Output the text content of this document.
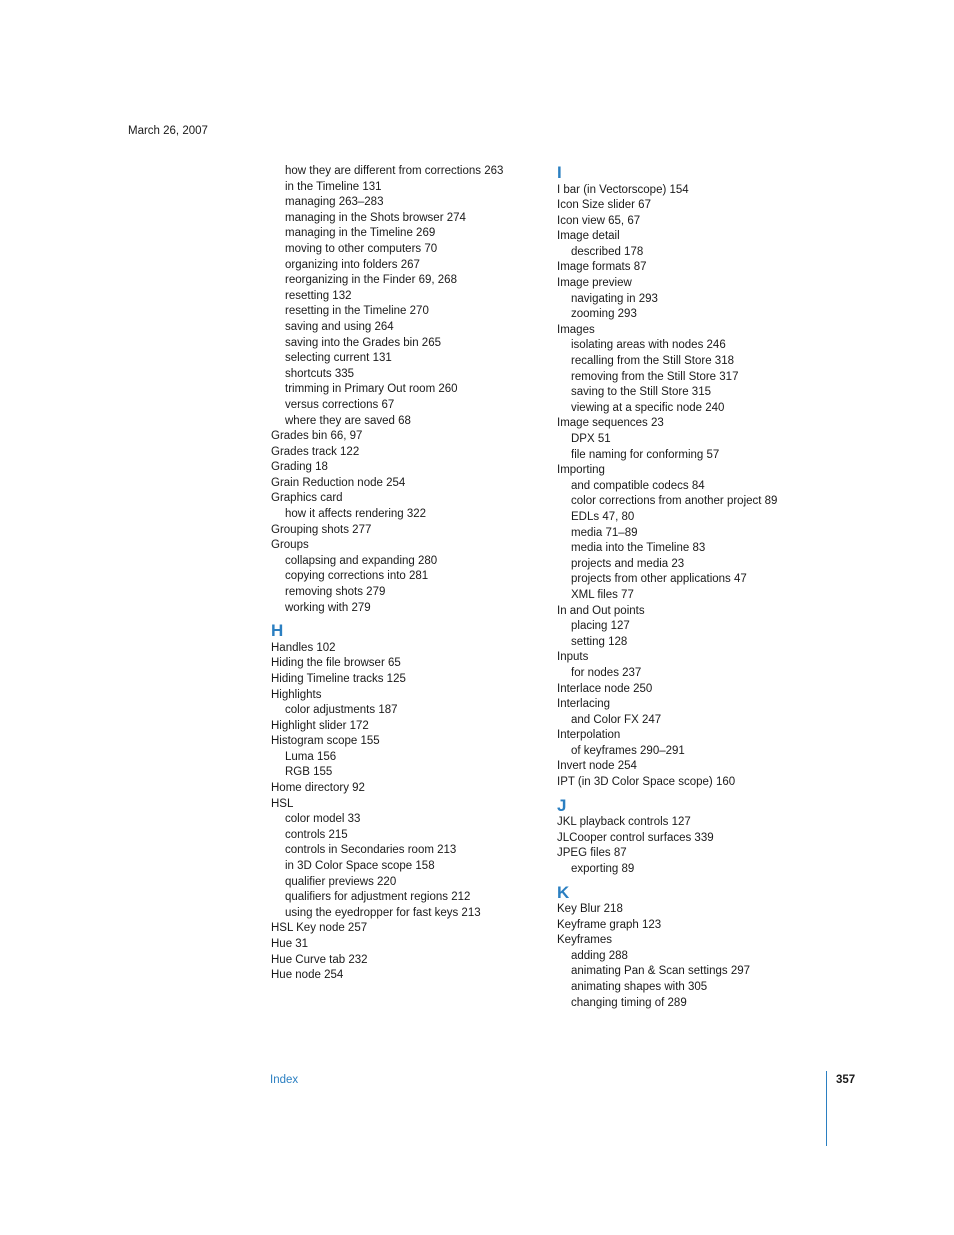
March 26, 2007
how they are different from corrections 263
in the Timeline 131
managing 263–283
managing in the Shots browser 274
managing in the Timeline 269
moving to other computers 70
organizing into folders 267
reorganizing in the Finder 69, 268
resetting 132
resetting in the Timeline 270
saving and using 264
saving into the Grades bin 265
selecting current 131
shortcuts 335
trimming in Primary Out room 260
versus corrections 67
where they are saved 68
Grades bin 66, 97
Grades track 122
Grading 18
Grain Reduction node 254
Graphics card
how it affects rendering 322
Grouping shots 277
Groups
collapsing and expanding 280
copying corrections into 281
removing shots 279
working with 279
H
Handles 102
Hiding the file browser 65
Hiding Timeline tracks 125
Highlights
color adjustments 187
Highlight slider 172
Histogram scope 155
Luma 156
RGB 155
Home directory 92
HSL
color model 33
controls 215
controls in Secondaries room 213
in 3D Color Space scope 158
qualifier previews 220
qualifiers for adjustment regions 212
using the eyedropper for fast keys 213
HSL Key node 257
Hue 31
Hue Curve tab 232
Hue node 254
I
I bar (in Vectorscope) 154
Icon Size slider 67
Icon view 65, 67
Image detail
described 178
Image formats 87
Image preview
navigating in 293
zooming 293
Images
isolating areas with nodes 246
recalling from the Still Store 318
removing from the Still Store 317
saving to the Still Store 315
viewing at a specific node 240
Image sequences 23
DPX 51
file naming for conforming 57
Importing
and compatible codecs 84
color corrections from another project 89
EDLs 47, 80
media 71–89
media into the Timeline 83
projects and media 23
projects from other applications 47
XML files 77
In and Out points
placing 127
setting 128
Inputs
for nodes 237
Interlace node 250
Interlacing
and Color FX 247
Interpolation
of keyframes 290–291
Invert node 254
IPT (in 3D Color Space scope) 160
J
JKL playback controls 127
JLCooper control surfaces 339
JPEG files 87
exporting 89
K
Key Blur 218
Keyframe graph 123
Keyframes
adding 288
animating Pan & Scan settings 297
animating shapes with 305
changing timing of 289
Index	357
